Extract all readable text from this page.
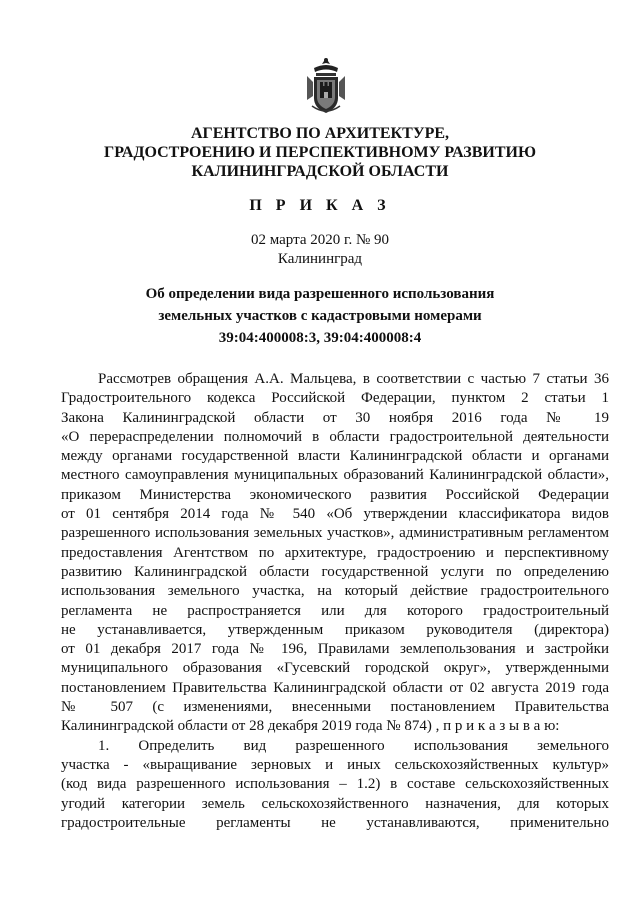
АГЕНТСТВО ПО АРХИТЕКТУРЕ,
ГРАДОСТРОЕНИЮ И ПЕРСПЕКТИВНОМУ РАЗВИТИЮ
КАЛИНИНГРАДСКОЙ ОБЛАСТИ
П Р И К А З
02 марта 2020 г. № 90
Калининград
Об определении вида разрешенного использования
земельных участков с кадастровыми номерами
39:04:400008:3, 39:04:400008:4
Рассмотрев обращения А.А. Мальцева, в соответствии с частью 7 статьи 36
Градостроительного кодекса Российской Федерации, пунктом 2 статьи 1
Закона Калининградской области от 30 ноября 2016 года № 19
«О перераспределении полномочий в области градостроительной деятельности
между органами государственной власти Калининградской области и органами
местного самоуправления муниципальных образований Калининградской области»,
приказом Министерства экономического развития Российской Федерации
от 01 сентября 2014 года № 540 «Об утверждении классификатора видов
разрешенного использования земельных участков», административным регламентом
предоставления Агентством по архитектуре, градостроению и перспективному
развитию Калининградской области государственной услуги по определению
использования земельного участка, на который действие градостроительного
регламента не распространяется или для которого градостроительный
не устанавливается, утвержденным приказом руководителя (директора)
от 01 декабря 2017 года № 196, Правилами землепользования и застройки
муниципального образования «Гусевский городской округ», утвержденными
постановлением Правительства Калининградской области от 02 августа 2019 года
№ 507 (с изменениями, внесенными постановлением Правительства
Калининградской области от 28 декабря 2019 года № 874) , п р и к а з ы в а ю:
1. Определить вид разрешенного использования земельного
участка - «выращивание зерновых и иных сельскохозяйственных культур»
(код вида разрешенного использования – 1.2) в составе сельскохозяйственных
угодий категории земель сельскохозяйственного назначения, для которых
градостроительные регламенты не устанавливаются, применительно
